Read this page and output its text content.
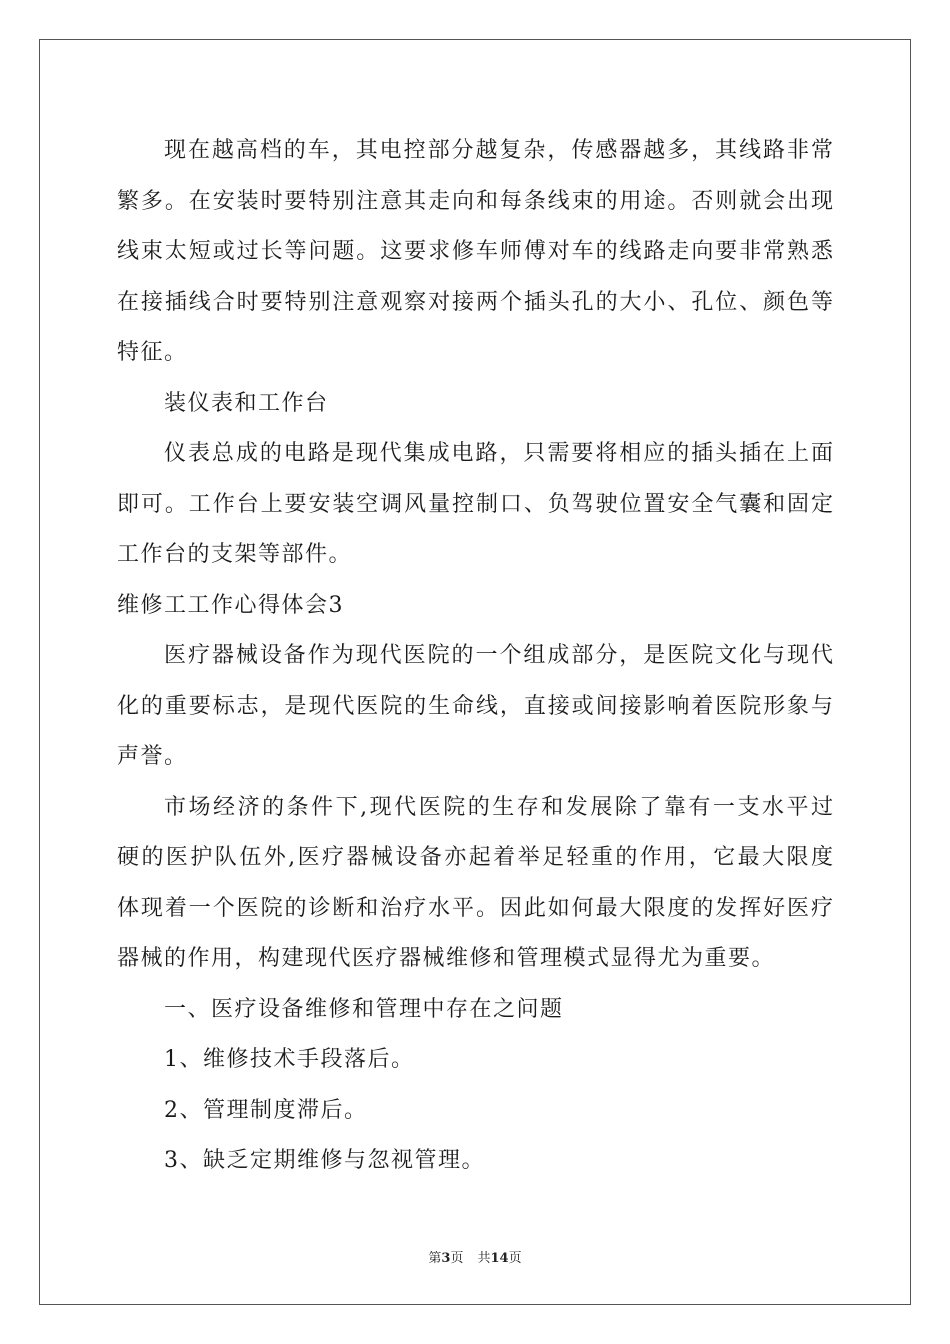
现在越高档的车，其电控部分越复杂，传感器越多，其线路非常
繁多。在安装时要特别注意其走向和每条线束的用途。否则就会出现
线束太短或过长等问题。这要求修车师傅对车的线路走向要非常熟悉
在接插线合时要特别注意观察对接两个插头孔的大小、孔位、颜色等
特征。
装仪表和工作台
仪表总成的电路是现代集成电路，只需要将相应的插头插在上面
即可。工作台上要安装空调风量控制口、负驾驶位置安全气囊和固定
工作台的支架等部件。
维修工工作心得体会3
医疗器械设备作为现代医院的一个组成部分，是医院文化与现代
化的重要标志，是现代医院的生命线，直接或间接影响着医院形象与
声誉。
市场经济的条件下,现代医院的生存和发展除了靠有一支水平过
硬的医护队伍外,医疗器械设备亦起着举足轻重的作用，它最大限度
体现着一个医院的诊断和治疗水平。因此如何最大限度的发挥好医疗
器械的作用，构建现代医疗器械维修和管理模式显得尤为重要。
一、医疗设备维修和管理中存在之问题
1、维修技术手段落后。
2、管理制度滞后。
3、缺乏定期维修与忽视管理。
第3页 共14页
